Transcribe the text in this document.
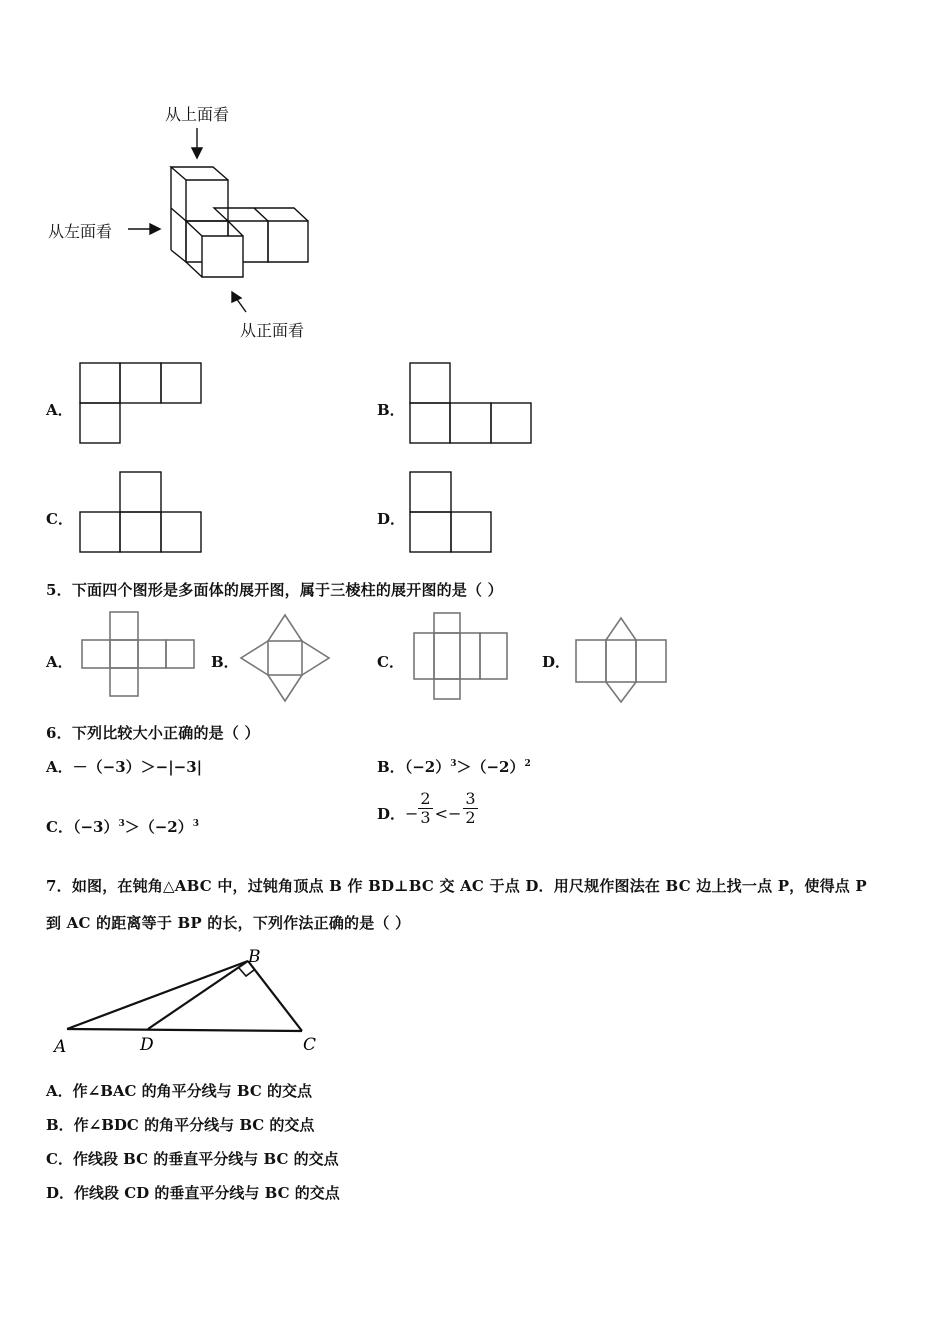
从上面看
从左面看
从正面看
A．	B．
C．	D．
5．下面四个图形是多面体的展开图，属于三棱柱的展开图的是（ ）
A．	B．	C．	D．
6．下列比较大小正确的是（ ）
A．－（−3）＞−|−3|	B．$(-2)^3>(-2)^2$
C．$(-3)^3>(-2)^3$
D． − $\frac{2}{3} <- \frac{3}{2}$
7．如图，在钝角△ABC 中，过钝角顶点 B 作 BD⊥BC 交 AC 于点 D．用尺规作图法在 BC 边上找一点 P，使得点 P
到 AC 的距离等于 BP 的长，下列作法正确的是（ ）
A
B
C
D
A．作∠BAC 的角平分线与 BC 的交点
B．作∠BDC 的角平分线与 BC 的交点
C．作线段 BC 的垂直平分线与 BC 的交点
D．作线段 CD 的垂直平分线与 BC 的交点
